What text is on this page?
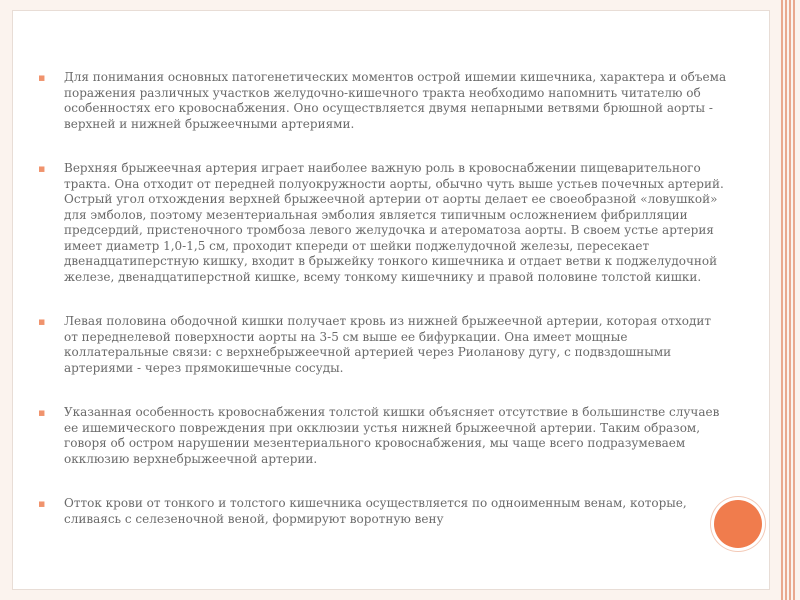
▪ Для понимания основных патогенетических моментов острой ишемии кишечника, характера и объема поражения различных участков желудочно-кишечного тракта необходимо напомнить читателю об особенностях его кровоснабжения. Оно осуществляется двумя непарными ветвями брюшной аорты - верхней и нижней брыжеечными артериями.
▪ Верхняя брыжеечная артерия играет наиболее важную роль в кровоснабжении пищеварительного тракта. Она отходит от передней полуокружности аорты, обычно чуть выше устьев почечных артерий. Острый угол отхождения верхней брыжеечной артерии от аорты делает ее своеобразной «ловушкой» для эмболов, поэтому мезентериальная эмболия является типичным осложнением фибрилляции предсердий, пристеночного тромбоза левого желудочка и атероматоза аорты. В своем устье артерия имеет диаметр 1,0-1,5 см, проходит кпереди от шейки поджелудочной железы, пересекает двенадцатиперстную кишку, входит в брыжейку тонкого кишечника и отдает ветви к поджелудочной железе, двенадцатиперстной кишке, всему тонкому кишечнику и правой половине толстой кишки.
▪ Левая половина ободочной кишки получает кровь из нижней брыжеечной артерии, которая отходит от переднелевой поверхности аорты на 3-5 см выше ее бифуркации. Она имеет мощные коллатеральные связи: с верхнебрыжеечной артерией через Риоланову дугу, с подвздошными артериями - через прямокишечные сосуды.
▪ Указанная особенность кровоснабжения толстой кишки объясняет отсутствие в большинстве случаев ее ишемического повреждения при окклюзии устья нижней брыжеечной артерии. Таким образом, говоря об остром нарушении мезентериального кровоснабжения, мы чаще всего подразумеваем окклюзию верхнебрыжеечной артерии.
▪ Отток крови от тонкого и толстого кишечника осуществляется по одноименным венам, которые, сливаясь с селезеночной веной, формируют воротную вену
